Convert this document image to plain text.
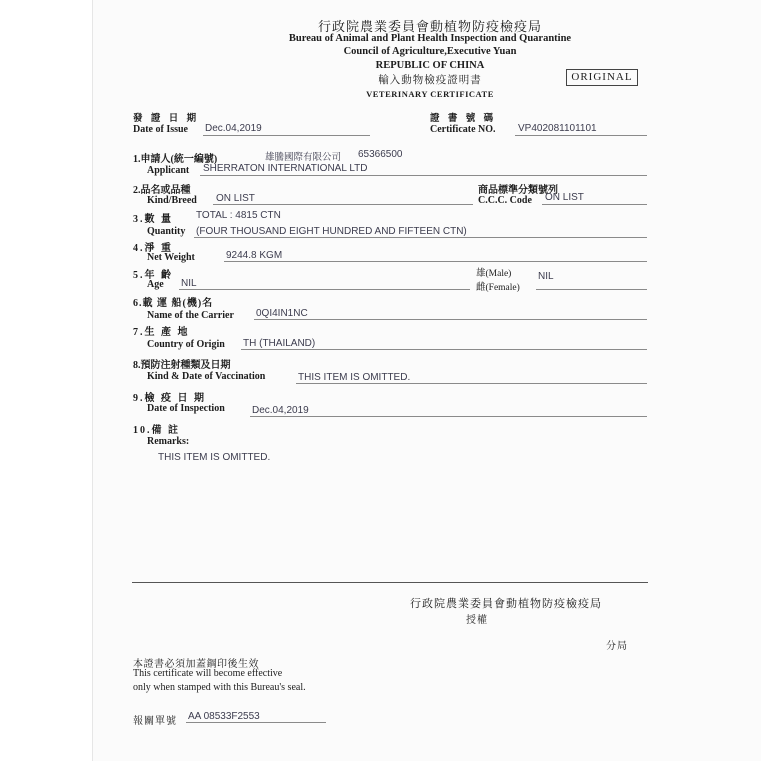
行政院農業委員會動植物防疫檢疫局
Bureau of Animal and Plant Health Inspection and Quarantine
Council of Agriculture,Executive Yuan
REPUBLIC OF CHINA
輸入動物檢疫證明書
VETERINARY CERTIFICATE
ORIGINAL
發 證 日 期
Date of Issue Dec.04,2019
證 書 號 碼
Certificate NO. VP402081101101
1.申請人(統一編號)	雄騰國際有限公司 65366500
Applicant SHERRATON INTERNATIONAL LTD
2.品名或品種
Kind/Breed ON LIST
商品標準分類號列
C.C.C. Code ON LIST
3.數 量 TOTAL : 4815 CTN
Quantity (FOUR THOUSAND EIGHT HUNDRED AND FIFTEEN CTN)
4.淨 重
Net Weight	9244.8 KGM
5.年 齡
Age NIL
雄(Male)
雌(Female)
NIL
6.載 運 船(機)名
Name of the Carrier 0QI4IN1NC
7.生 產 地
Country of Origin TH (THAILAND)
8.預防注射種類及日期
Kind & Date of Vaccination	THIS ITEM IS OMITTED.
9.檢 疫 日 期
Date of Inspection	Dec.04,2019
10.備 註
Remarks:
THIS ITEM IS OMITTED.
行政院農業委員會動植物防疫檢疫局
授權
分局
本證書必須加蓋鋼印後生效
This certificate will become effective
only when stamped with this Bureau's seal.
報關單號 AA 08533F2553
